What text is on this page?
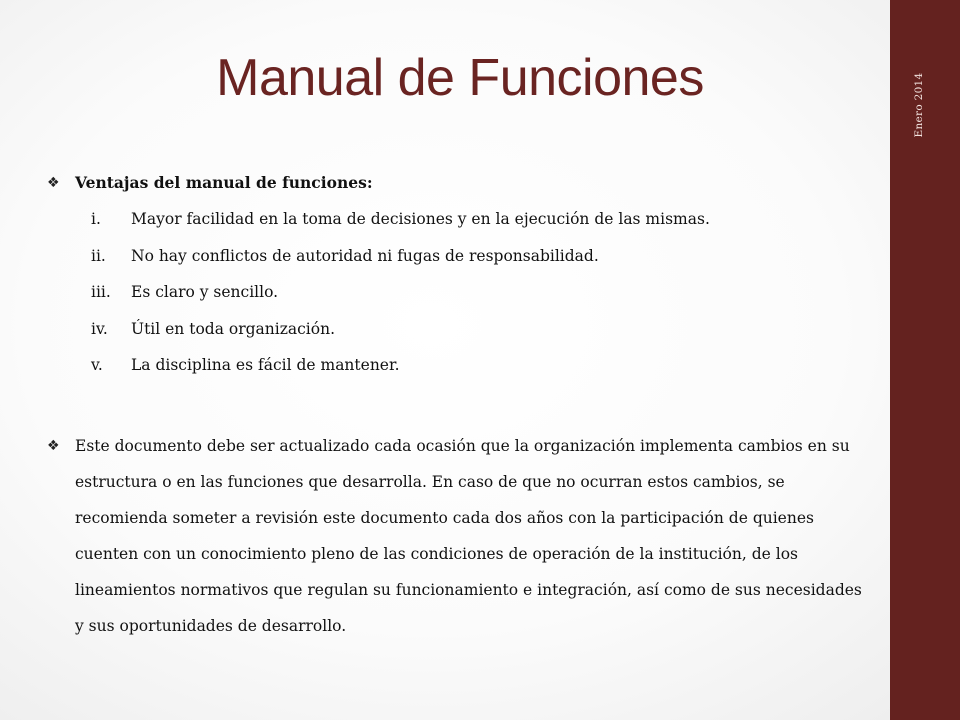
Enero 2014
Manual de Funciones
❖ Ventajas del manual de funciones:
i. Mayor facilidad en la toma de decisiones y en la ejecución de las mismas.
ii. No hay conflictos de autoridad ni fugas de responsabilidad.
iii. Es claro y sencillo.
iv. Útil en toda organización.
v. La disciplina es fácil de mantener.
❖ Este documento debe ser actualizado cada ocasión que la organización implementa cambios en su estructura o en las funciones que desarrolla. En caso de que no ocurran estos cambios, se recomienda someter a revisión este documento cada dos años con la participación de quienes cuenten con un conocimiento pleno de las condiciones de operación de la institución, de los lineamientos normativos que regulan su funcionamiento e integración, así como de sus necesidades y sus oportunidades de desarrollo.
